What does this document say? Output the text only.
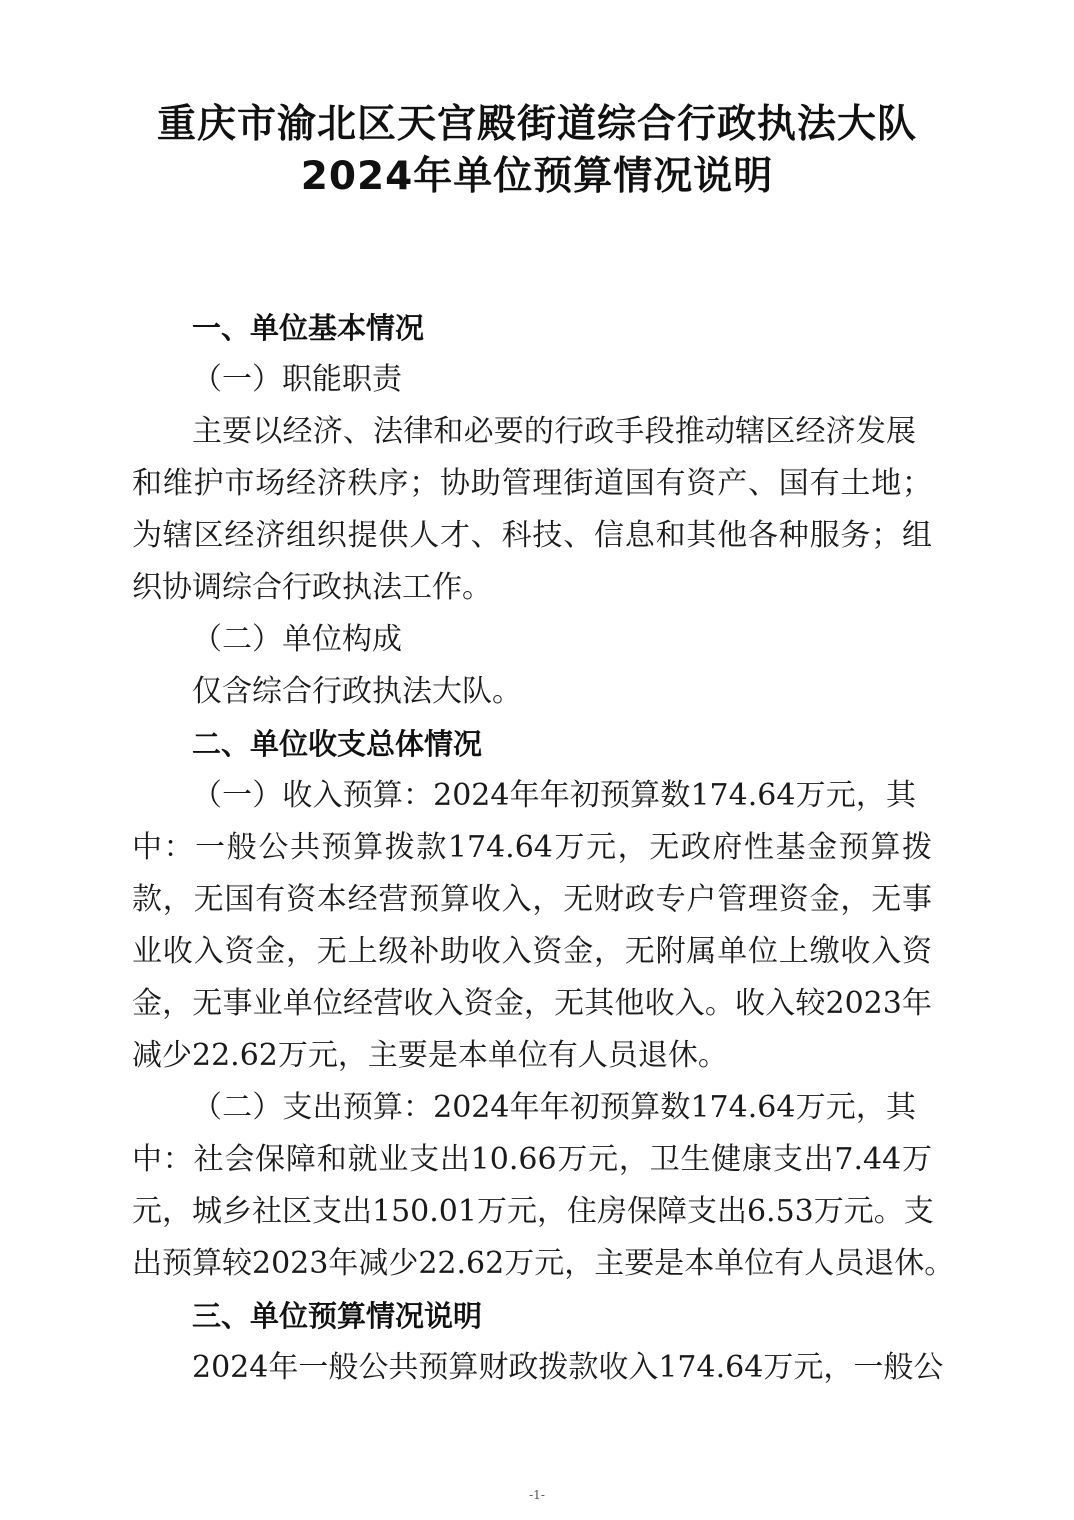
重庆市渝北区天宫殿街道综合行政执法大队
2024年单位预算情况说明
一、单位基本情况
（一）职能职责
主要以经济、法律和必要的行政手段推动辖区经济发展
和维护市场经济秩序；协助管理街道国有资产、国有土地；
为辖区经济组织提供人才、科技、信息和其他各种服务；组
织协调综合行政执法工作。
（二）单位构成
仅含综合行政执法大队。
二、单位收支总体情况
（一）收入预算：2024年年初预算数174.64万元，其
中：一般公共预算拨款174.64万元，无政府性基金预算拨
款，无国有资本经营预算收入，无财政专户管理资金，无事
业收入资金，无上级补助收入资金，无附属单位上缴收入资
金，无事业单位经营收入资金，无其他收入。收入较2023年
减少22.62万元，主要是本单位有人员退休。
（二）支出预算：2024年年初预算数174.64万元，其
中：社会保障和就业支出10.66万元，卫生健康支出7.44万
元，城乡社区支出150.01万元，住房保障支出6.53万元。支
出预算较2023年减少22.62万元，主要是本单位有人员退休。
三、单位预算情况说明
2024年一般公共预算财政拨款收入174.64万元，一般公
-1-
